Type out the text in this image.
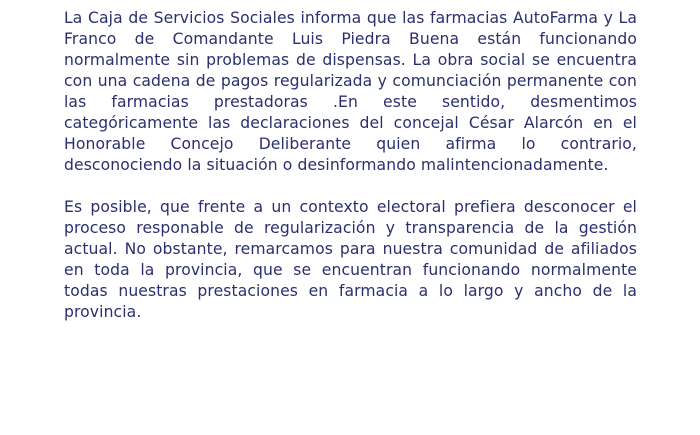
La Caja de Servicios Sociales informa que las farmacias AutoFarma y La Franco de Comandante Luis Piedra Buena están funcionando normalmente sin problemas de dispensas. La obra social se encuentra con una cadena de pagos regularizada y comunciación permanente con las farmacias prestadoras .En este sentido, desmentimos categóricamente las declaraciones del concejal César Alarcón en el Honorable Concejo Deliberante quien afirma lo contrario, desconociendo la situación o desinformando malintencionadamente.

Es posible, que frente a un contexto electoral prefiera desconocer el proceso responable de regularización y transparencia de la gestión actual. No obstante, remarcamos para nuestra comunidad de afiliados en toda la provincia, que se encuentran funcionando normalmente todas nuestras prestaciones en farmacia a lo largo y ancho de la provincia.
